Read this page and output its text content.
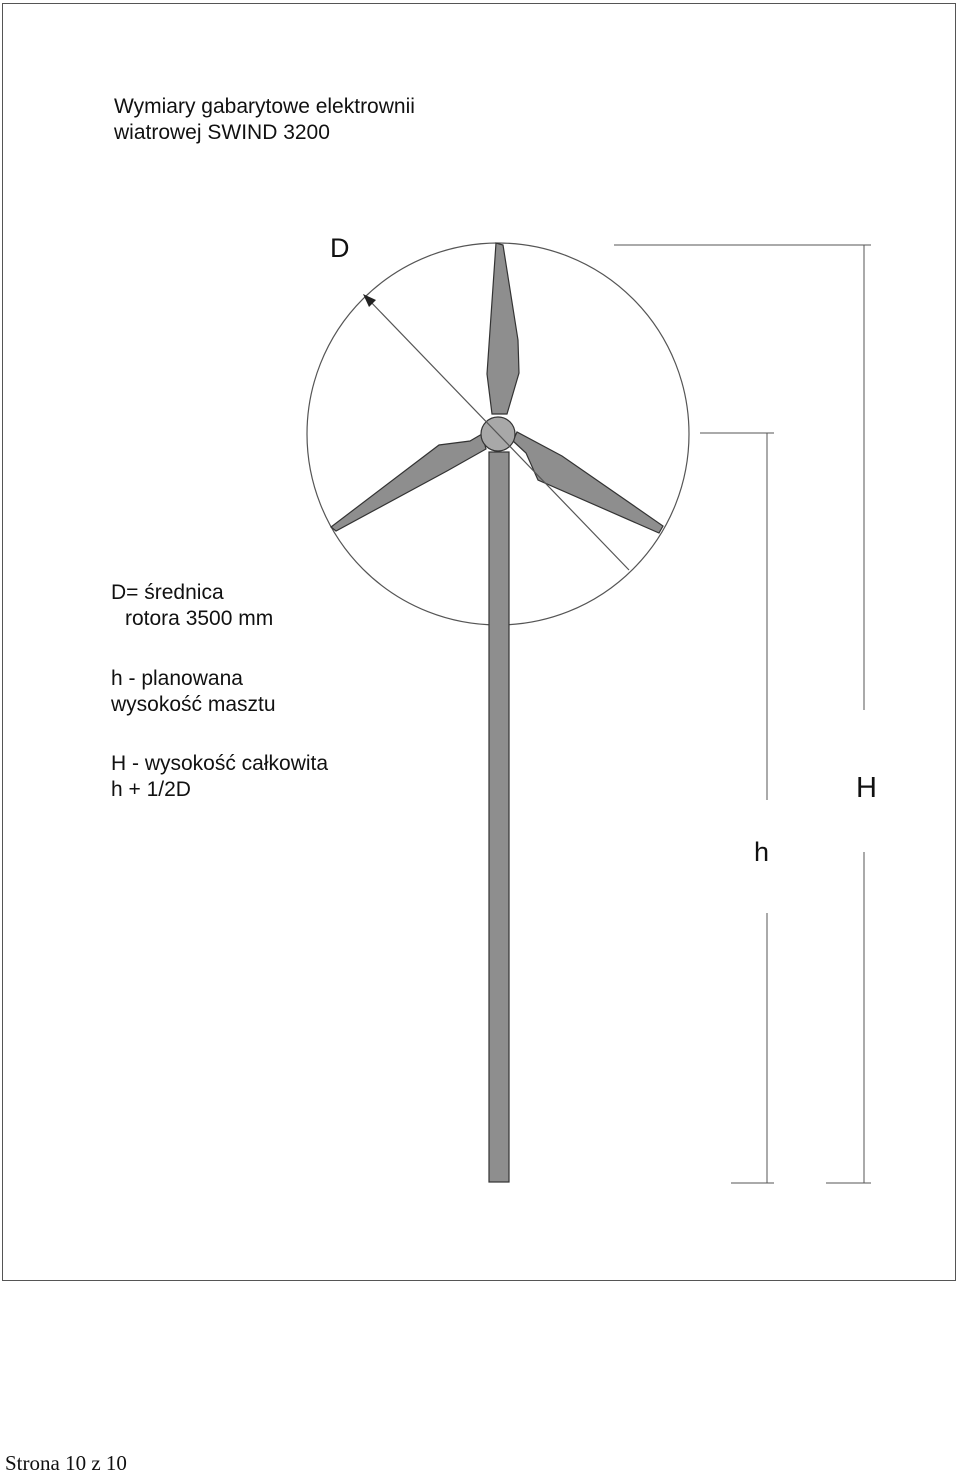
Wymiary gabarytowe elektrownii
wiatrowej SWIND 3200
D
H
h
D= średnica
rotora 3500 mm
h - planowana
wysokość masztu
H - wysokość całkowita
h + 1/2D
Strona 10 z 10
